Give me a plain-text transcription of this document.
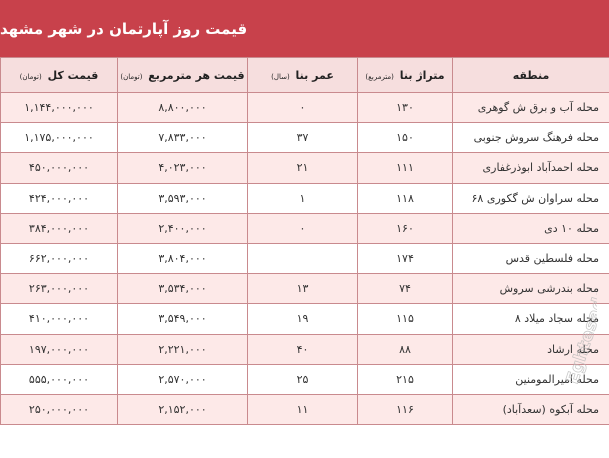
قیمت روز آپارتمان در شهر مشهد
قیمت کل (تومان)	قیمت هر مترمربع (تومان)	عمر بنا (سال)	متراژ بنا (مترمربع)	منطقه
۱,۱۴۴,۰۰۰,۰۰۰	۸,۸۰۰,۰۰۰	۰	۱۳۰	محله آب و برق ش گوهری
۱,۱۷۵,۰۰۰,۰۰۰	۷,۸۳۳,۰۰۰	۳۷	۱۵۰	محله فرهنگ سروش جنوبی
۴۵۰,۰۰۰,۰۰۰	۴,۰۲۳,۰۰۰	۲۱	۱۱۱	محله احمدآباد ابوذرغفاری
۴۲۴,۰۰۰,۰۰۰	۳,۵۹۳,۰۰۰	۱	۱۱۸	محله سراوان ش گکوری ۶۸
۳۸۴,۰۰۰,۰۰۰	۲,۴۰۰,۰۰۰	۰	۱۶۰	محله ۱۰ دی
۶۶۲,۰۰۰,۰۰۰	۳,۸۰۴,۰۰۰		۱۷۴	محله فلسطین قدس
۲۶۳,۰۰۰,۰۰۰	۳,۵۳۴,۰۰۰	۱۳	۷۴	محله بندرشی سروش
۴۱۰,۰۰۰,۰۰۰	۳,۵۴۹,۰۰۰	۱۹	۱۱۵	محله سجاد میلاد ۸
۱۹۷,۰۰۰,۰۰۰	۲,۲۲۱,۰۰۰	۴۰	۸۸	محله ارشاد
۵۵۵,۰۰۰,۰۰۰	۲,۵۷۰,۰۰۰	۲۵	۲۱۵	محله امیرالمومنین
۲۵۰,۰۰۰,۰۰۰	۲,۱۵۲,۰۰۰	۱۱	۱۱۶	محله آبکوه (سعدآباد)
